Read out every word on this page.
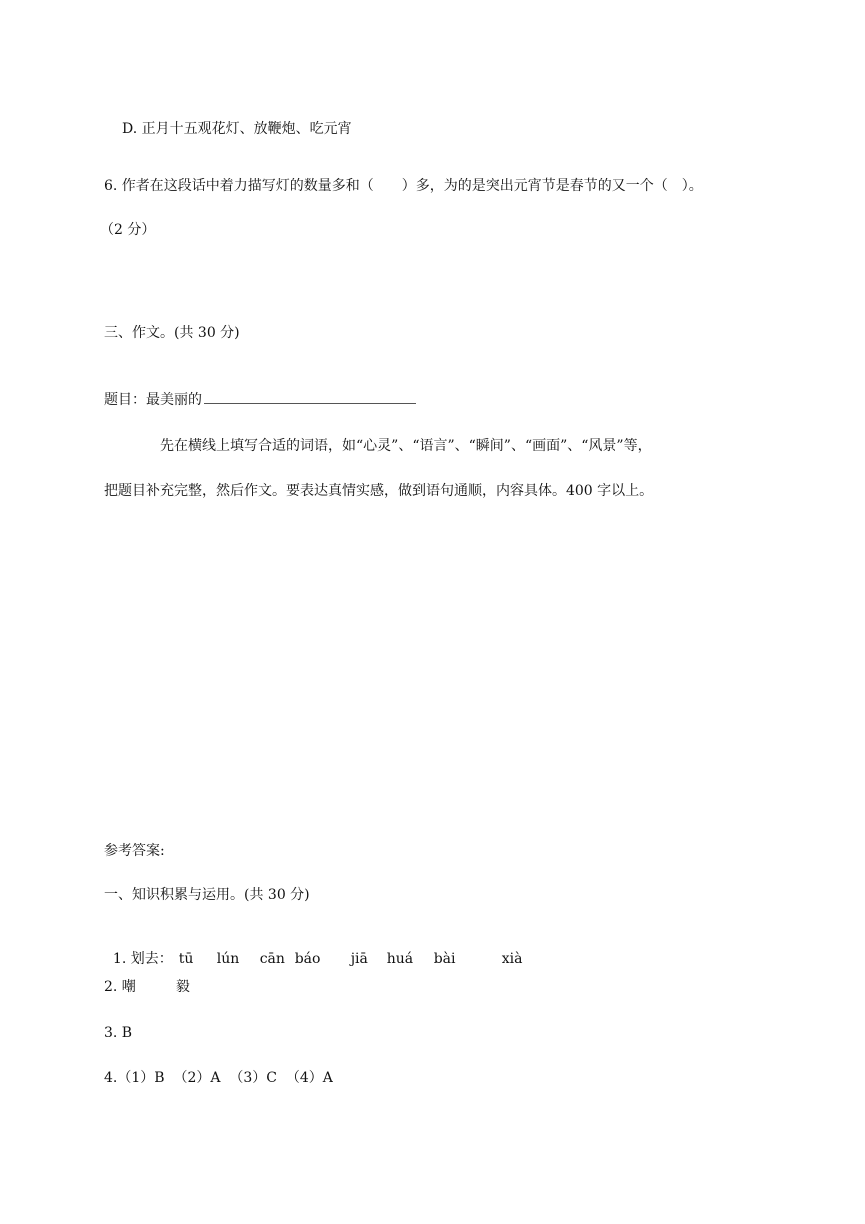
D. 正月十五观花灯、放鞭炮、吃元宵
6. 作者在这段话中着力描写灯的数量多和（　　）多，为的是突出元宵节是春节的又一个（　）。
（2 分）
三、作文。(共 30 分)
题目：最美丽的
先在横线上填写合适的词语，如“心灵”、“语言”、“瞬间”、“画面”、“风景”等，
把题目补充完整，然后作文。要表达真情实感，做到语句通顺，内容具体。400 字以上。
参考答案:
一、知识积累与运用。(共 30 分)

1. 划去： tū lún cān báo jiā huá bài	xià

2. 嘲	毅
3. B
4.（1）B  （2）A  （3）C  （4）A
